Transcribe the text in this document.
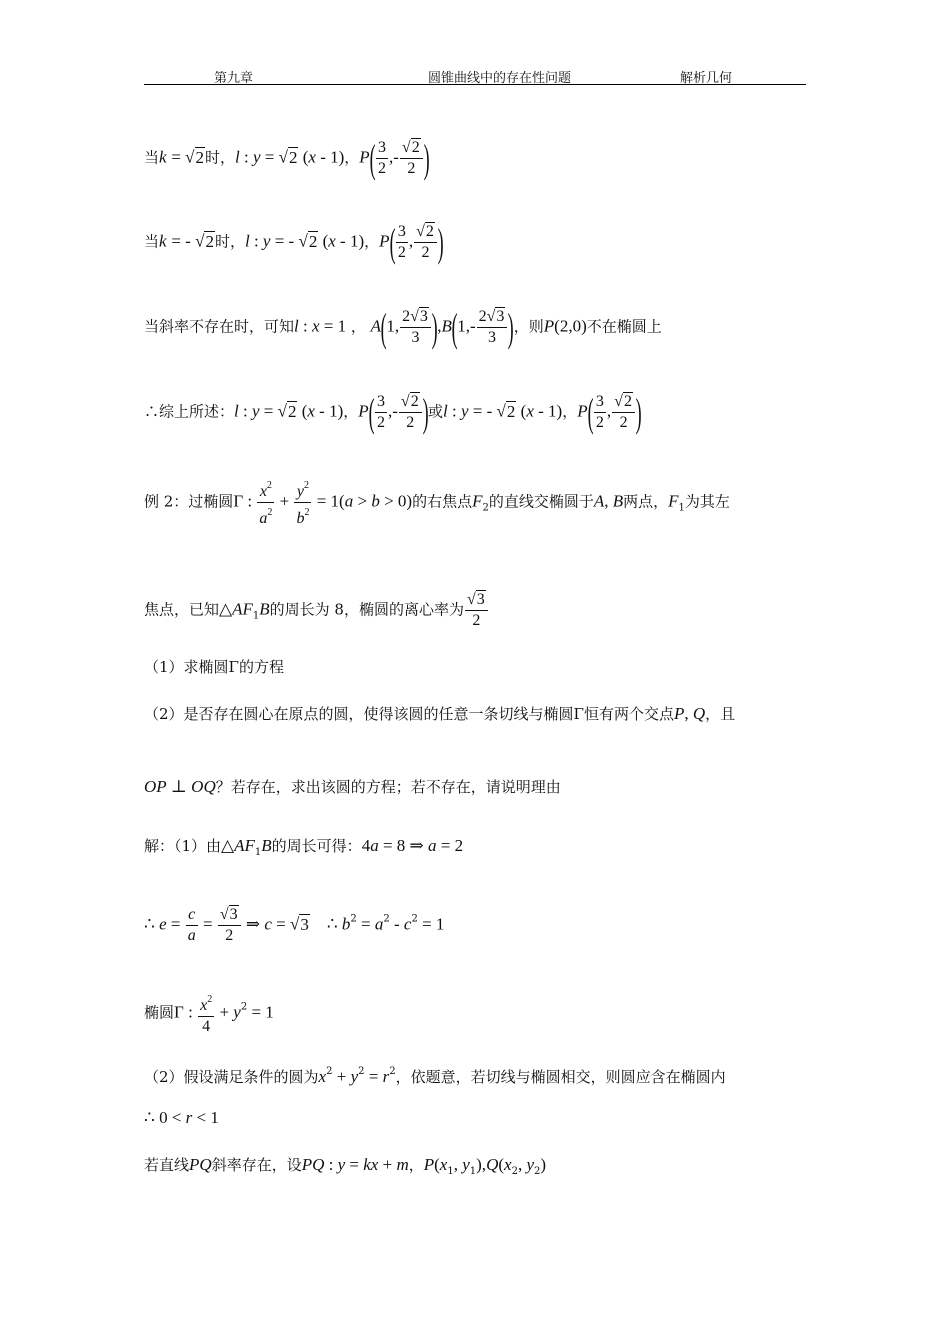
第九章	圆锥曲线中的存在性问题	解析几何
当k = √2时，l : y = √2 (x - 1)，$P( \frac{3}{2}$ ,- $\frac{√2}{2}$ )
当k = - √2时，l : y = - √2 (x - 1)，$P( \frac{3}{2}$ , $\frac{√2}{2}$ )
当斜率不存在时，可知l : x = 1 ， A(1, $\frac{2√3}{3} ),B(1,- \frac{2√3}{3}$ )，则P(2,0)不在椭圆上
∴综上所述：l : y = √2 (x - 1)，$P( \frac{3}{2}$ ,- $\frac{√2}{2}$ )或l : y = - √2 (x - 1)，$P( \frac{3}{2}$ , $\frac{√2}{2}$ )
例 2：过椭圆Γ : $\frac{x^2}{a^2} + \frac{y^2}{b^2} = 1(a > b > 0)$的右焦点$F_2$的直线交椭圆于A, B两点，$F_1$为其左
焦点，已知$\triangle AF_1B$的周长为 8，椭圆的离心率为 $\frac{√3}{2}$
（1）求椭圆Γ的方程
（2）是否存在圆心在原点的圆，使得该圆的任意一条切线与椭圆Γ恒有两个交点P, Q，且
OP ⊥ OQ？若存在，求出该圆的方程；若不存在，请说明理由
解：（1）由$\triangle AF_1B$的周长可得：4a = 8 ⇒ a = 2
∴ $e = \frac{c}{a} = \frac{√3}{2}$ ⇒ c = √3    ∴ $b^2 = a^2 - c^2 = 1$
椭圆Γ : $\frac{x^2}{4} + y^2 = 1$
（2）假设满足条件的圆为$x^2 + y^2 = r^2$，依题意，若切线与椭圆相交，则圆应含在椭圆内
∴ 0 < r < 1
若直线PQ斜率存在，设PQ : y = kx + m，$P(x_1$, $y_1),Q(x_2$, $y_2$)
